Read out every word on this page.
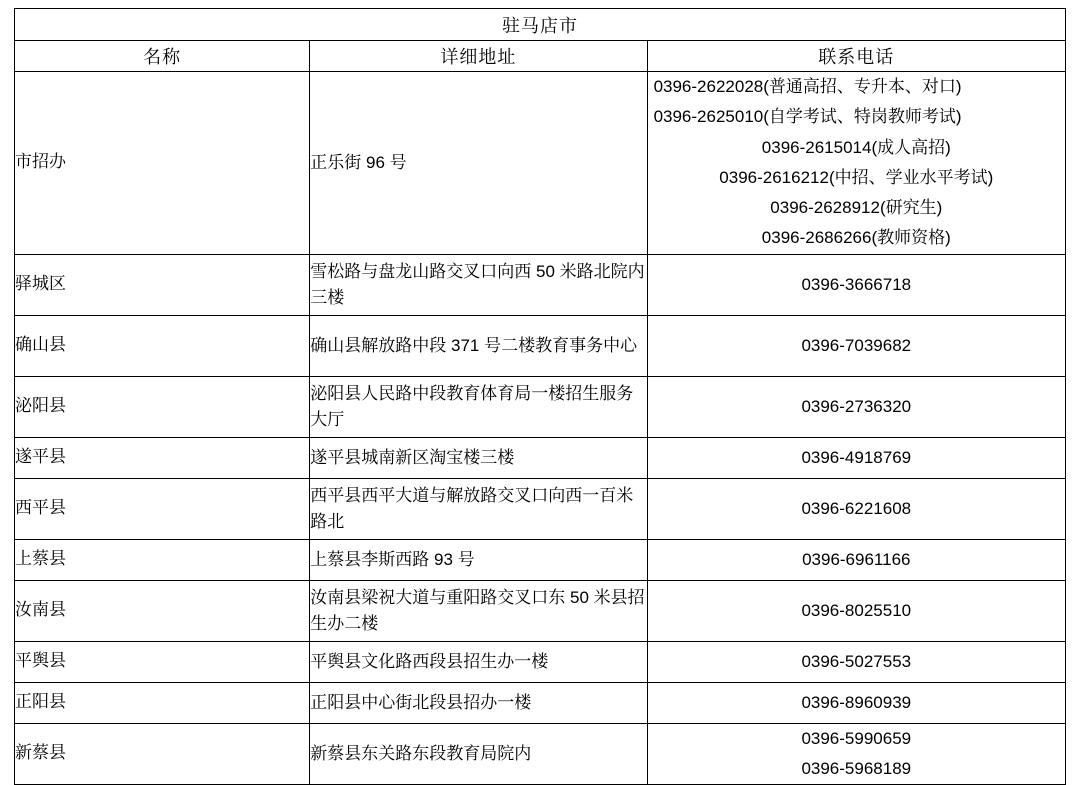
驻马店市		
名称	详细地址	联系电话
市招办	正乐街 96 号	
0396-2622028(普通高招、专升本、对口)
0396-2625010(自学考试、特岗教师考试)
0396-2615014(成人高招)
0396-2616212(中招、学业水平考试)
0396-2628912(研究生)
0396-2686266(教师资格)

驿城区	雪松路与盘龙山路交叉口向西 50 米路北院内三楼	0396-3666718
确山县	确山县解放路中段 371 号二楼教育事务中心	0396-7039682
泌阳县	泌阳县人民路中段教育体育局一楼招生服务大厅	0396-2736320
遂平县	遂平县城南新区淘宝楼三楼	0396-4918769
西平县	西平县西平大道与解放路交叉口向西一百米路北	0396-6221608
上蔡县	上蔡县李斯西路 93 号	0396-6961166
汝南县	汝南县梁祝大道与重阳路交叉口东 50 米县招生办二楼	0396-8025510
平舆县	平舆县文化路西段县招生办一楼	0396-5027553
正阳县	正阳县中心街北段县招办一楼	0396-8960939
新蔡县	新蔡县东关路东段教育局院内	0396-5990659
0396-5968189
